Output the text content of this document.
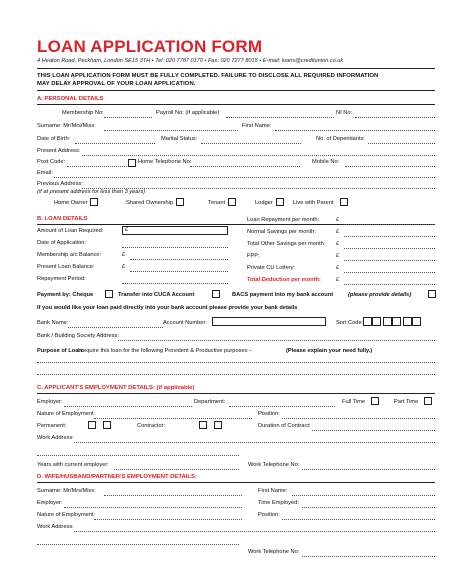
LOAN APPLICATION FORM
4 Heaton Road, Peckham, London SE15 3TH • Tel: 020 7787 0170 • Fax: 020 7277 8015 • E-mail: loans@creditunion.co.uk
THIS LOAN APPLICATION FORM MUST BE FULLY COMPLETED. FAILURE TO DISCLOSE ALL REQUIRED INFORMATION
MAY DELAY APPROVAL OF YOUR LOAN APPLICATION.
A. PERSONAL DETAILS
Membership No:	Payroll No: (if applicable)	NI No:
Surname: Mr/Mrs/Miss:	First Name:
Date of Birth:	Marital Status:	No. of Dependants:
Present Address:
Post Code:	Home Telephone No:	Mobile No:
Email:
Previous Address:
(if at present address for less than 3 years)
Home Owner	Shared Ownership	Tenant	Lodger	Live with Parent
B. LOAN DETAILS
Amount of Loan Required:	£
Date of Application:
Membership a/c Balance:	£
Present Loan Balance:	£
Repayment Period:
Loan Repayment per month:	£
Normal Savings per month:	£
Total Other Savings per month: £
FPP:	£
Private CU Lottery:	£
Total Deduction per month:	£
Payment by: Cheque	Transfer into CUCA Account	BACS payment into my bank account	(please provide details)
If you would like your loan paid directly into your bank account please provide your bank details
Bank Name:	Account Number:	Sort Code:
Bank / Building Society Address:
Purpose of Loan:
I require this loan for the following Provident & Productive purposes –	(Please explain your need fully.)
C. APPLICANT'S EMPLOYMENT DETAILS: (if applicable)
Employer:	Department:	Full Time	Part Time
Nature of Employment:	Position:
Permanent:	Contractor:	Duration of Contract:
Work Address:
Years with current employer:	Work Telephone No:
D. WIFE/HUSBAND/PARTNER'S EMPLOYMENT DETAILS:
Surname: Mr/Mrs/Miss:	First Name:
Employer:	Time Employed:
Nature of Employment:	Position:
Work Address:
Work Telephone No:
